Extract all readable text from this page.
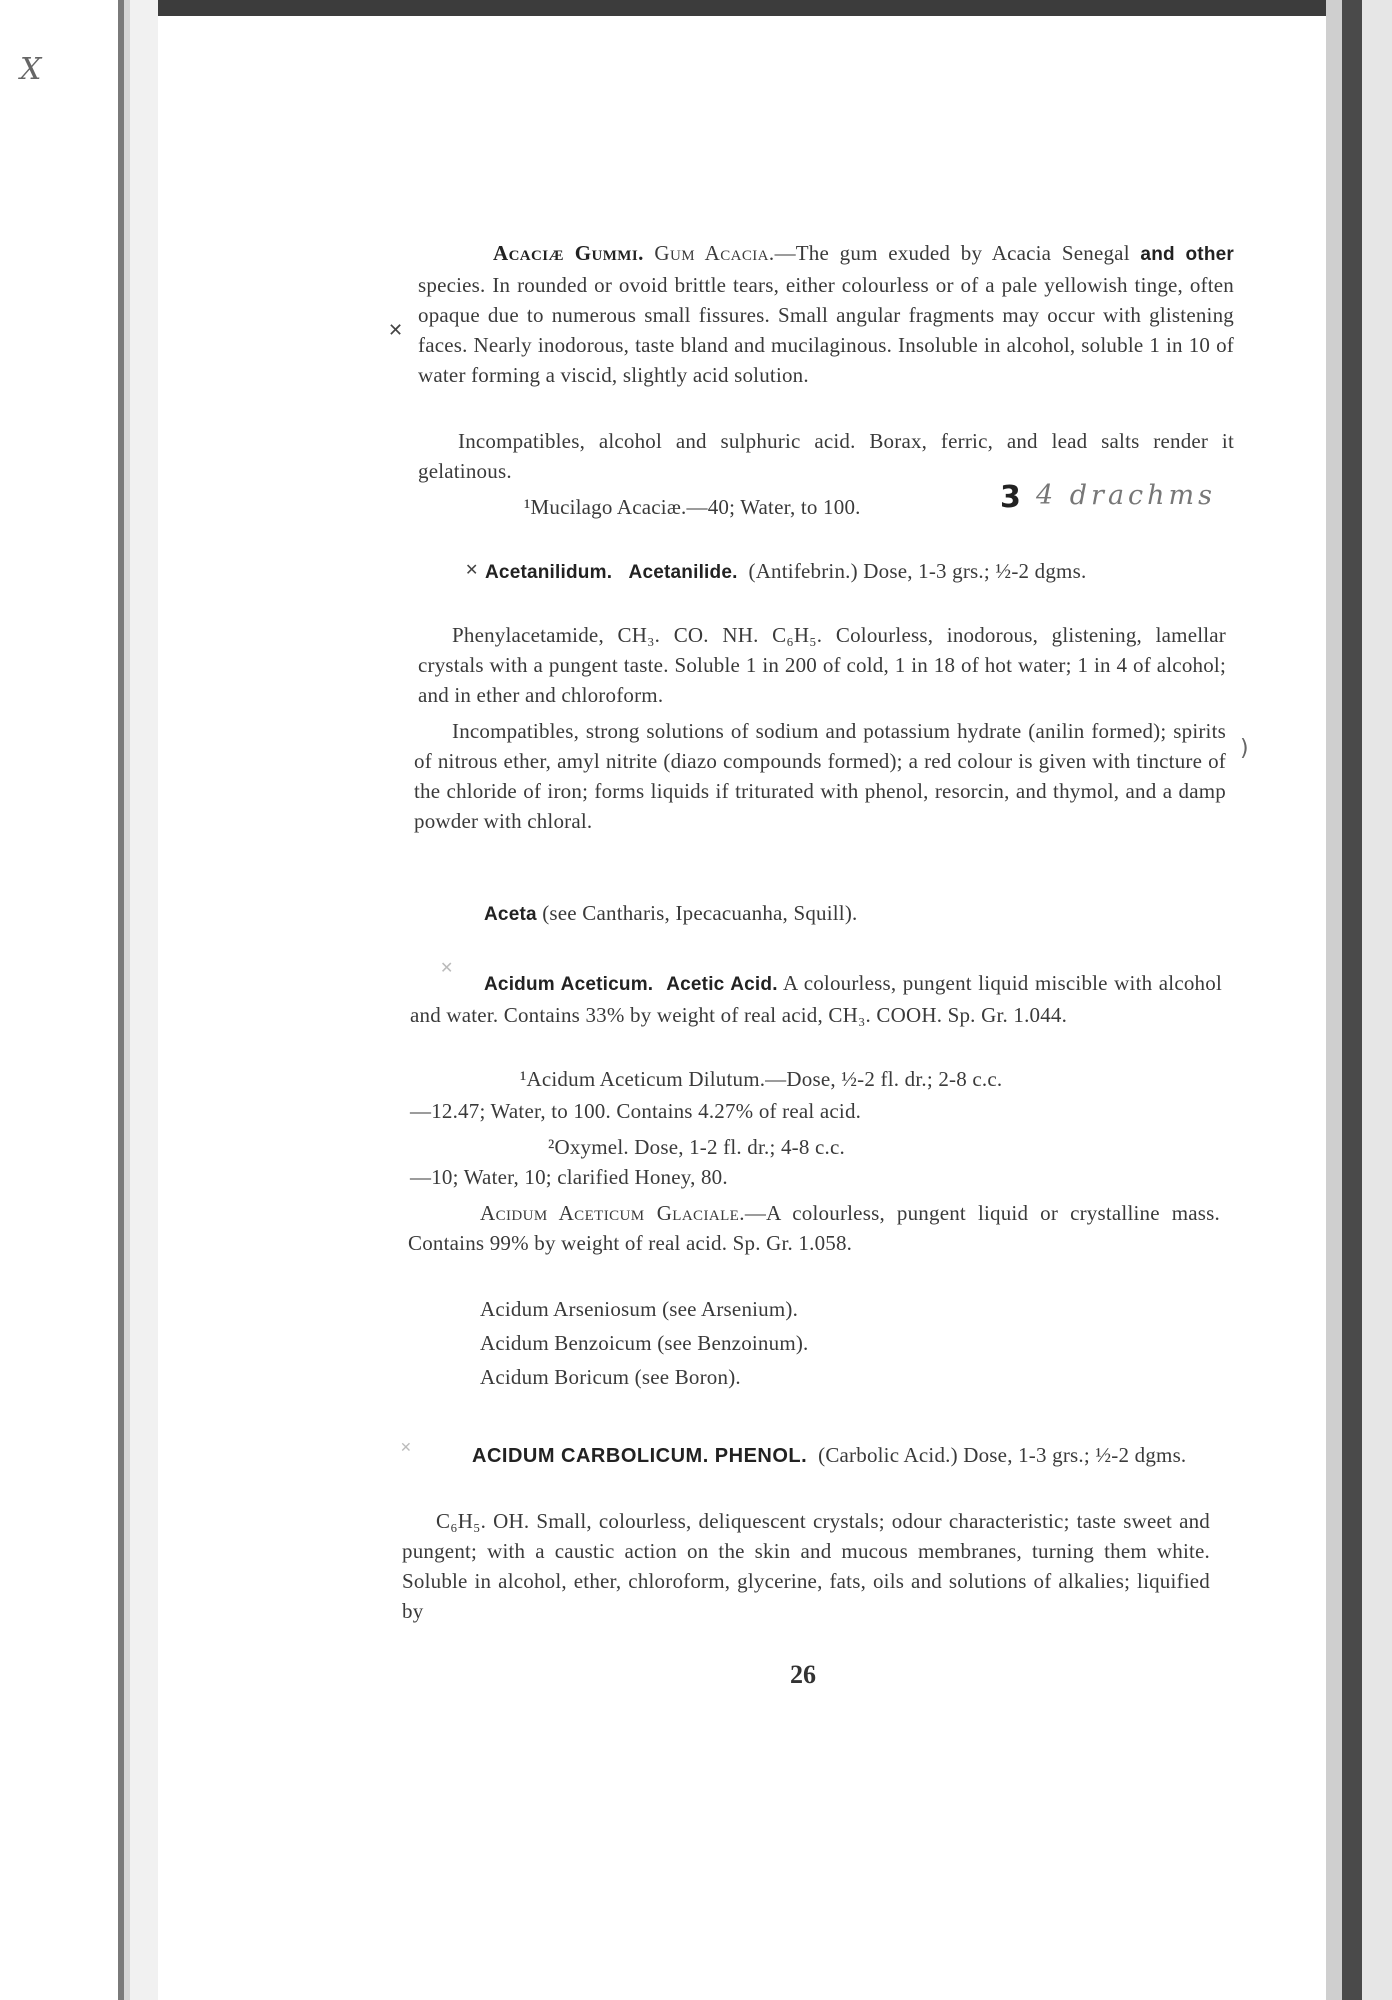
X

Acaciæ Gummi. Gum Acacia.—The gum exuded by Acacia Senegal and other species. In rounded or ovoid brittle tears, either colourless or of a pale yellowish tinge, often opaque due to numerous small fissures. Small angular fragments may occur with glistening faces. Nearly inodorous, taste bland and mucilaginous. Insoluble in alcohol, soluble 1 in 10 of water forming a viscid, slightly acid solution.

✕

Incompatibles, alcohol and sulphuric acid. Borax, ferric, and lead salts render it gelatinous.

¹Mucilago Acaciæ.—40; Water, to 100.	3 4 drachms

Acetanilidum. Acetanilide. (Antifebrin.) Dose, 1-3 grs.; ½-2 dgms.

✕

Phenylacetamide, CH₃. CO. NH. C₆H₅. Colourless, inodorous, glistening, lamellar crystals with a pungent taste. Soluble 1 in 200 of cold, 1 in 18 of hot water; 1 in 4 of alcohol; and in ether and chloroform.

Incompatibles, strong solutions of sodium and potassium hydrate (anilin formed); spirits of nitrous ether, amyl nitrite (diazo compounds formed); a red colour is given with tincture of the chloride of iron; forms liquids if triturated with phenol, resorcin, and thymol, and a damp powder with chloral.

)
Aceta (see Cantharis, Ipecacuanha, Squill).

Acidum Aceticum. Acetic Acid. A colourless, pungent liquid miscible with alcohol and water. Contains 33% by weight of real acid, CH₃. COOH. Sp. Gr. 1.044.

✕
¹Acidum Aceticum Dilutum.—Dose, ½-2 fl. dr.; 2-8 c.c.
—12.47; Water, to 100. Contains 4.27% of real acid.
²Oxymel. Dose, 1-2 fl. dr.; 4-8 c.c.
—10; Water, 10; clarified Honey, 80.

Acidum Aceticum Glaciale.—A colourless, pungent liquid or crystalline mass. Contains 99% by weight of real acid. Sp. Gr. 1.058.

Acidum Arseniosum (see Arsenium).
Acidum Benzoicum (see Benzoinum).
Acidum Boricum (see Boron).

ACIDUM CARBOLICUM. PHENOL. (Carbolic Acid.) Dose, 1-3 grs.; ½-2 dgms.

✕

C₆H₅. OH. Small, colourless, deliquescent crystals; odour characteristic; taste sweet and pungent; with a caustic action on the skin and mucous membranes, turning them white. Soluble in alcohol, ether, chloroform, glycerine, fats, oils and solutions of alkalies; liquified by

26
